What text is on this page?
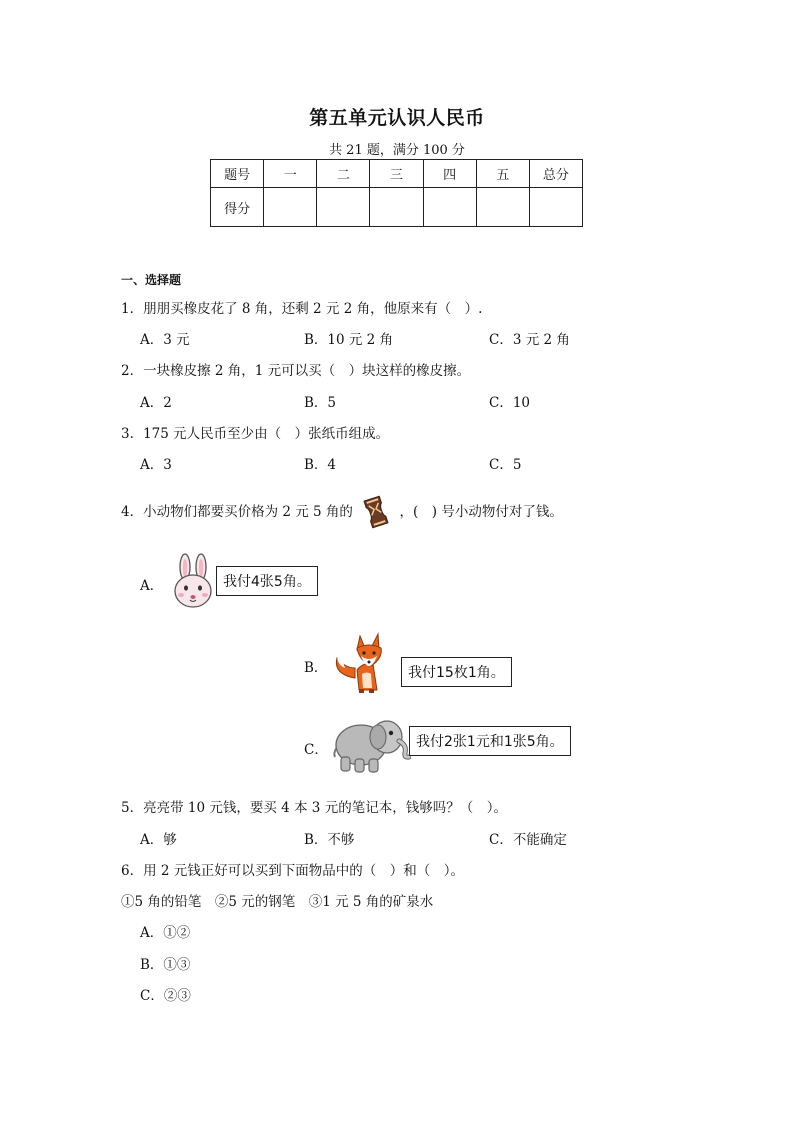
第五单元认识人民币
共 21 题，满分 100 分
题号	一	二	三	四	五	总分
得分						
一、选择题
1．朋朋买橡皮花了 8 角，还剩 2 元 2 角，他原来有（　）.
A．3 元	B．10 元 2 角	C．3 元 2 角
2．一块橡皮擦 2 角，1 元可以买（　）块这样的橡皮擦。
A．2	B．5	C．10
3．175 元人民币至少由（　）张纸币组成。
A．3	B．4	C．5
4．小动物们都要买价格为 2 元 5 角的	，(　) 号小动物付对了钱。
A．	我付4张5角。
B．	我付15枚1角。
C．	我付2张1元和1张5角。
5．亮亮带 10 元钱，要买 4 本 3 元的笔记本，钱够吗？（　）。
A．够	B．不够	C．不能确定
6．用 2 元钱正好可以买到下面物品中的（　）和（　）。
①5 角的铅笔　②5 元的钢笔　③1 元 5 角的矿泉水
A．①②
B．①③
C．②③
